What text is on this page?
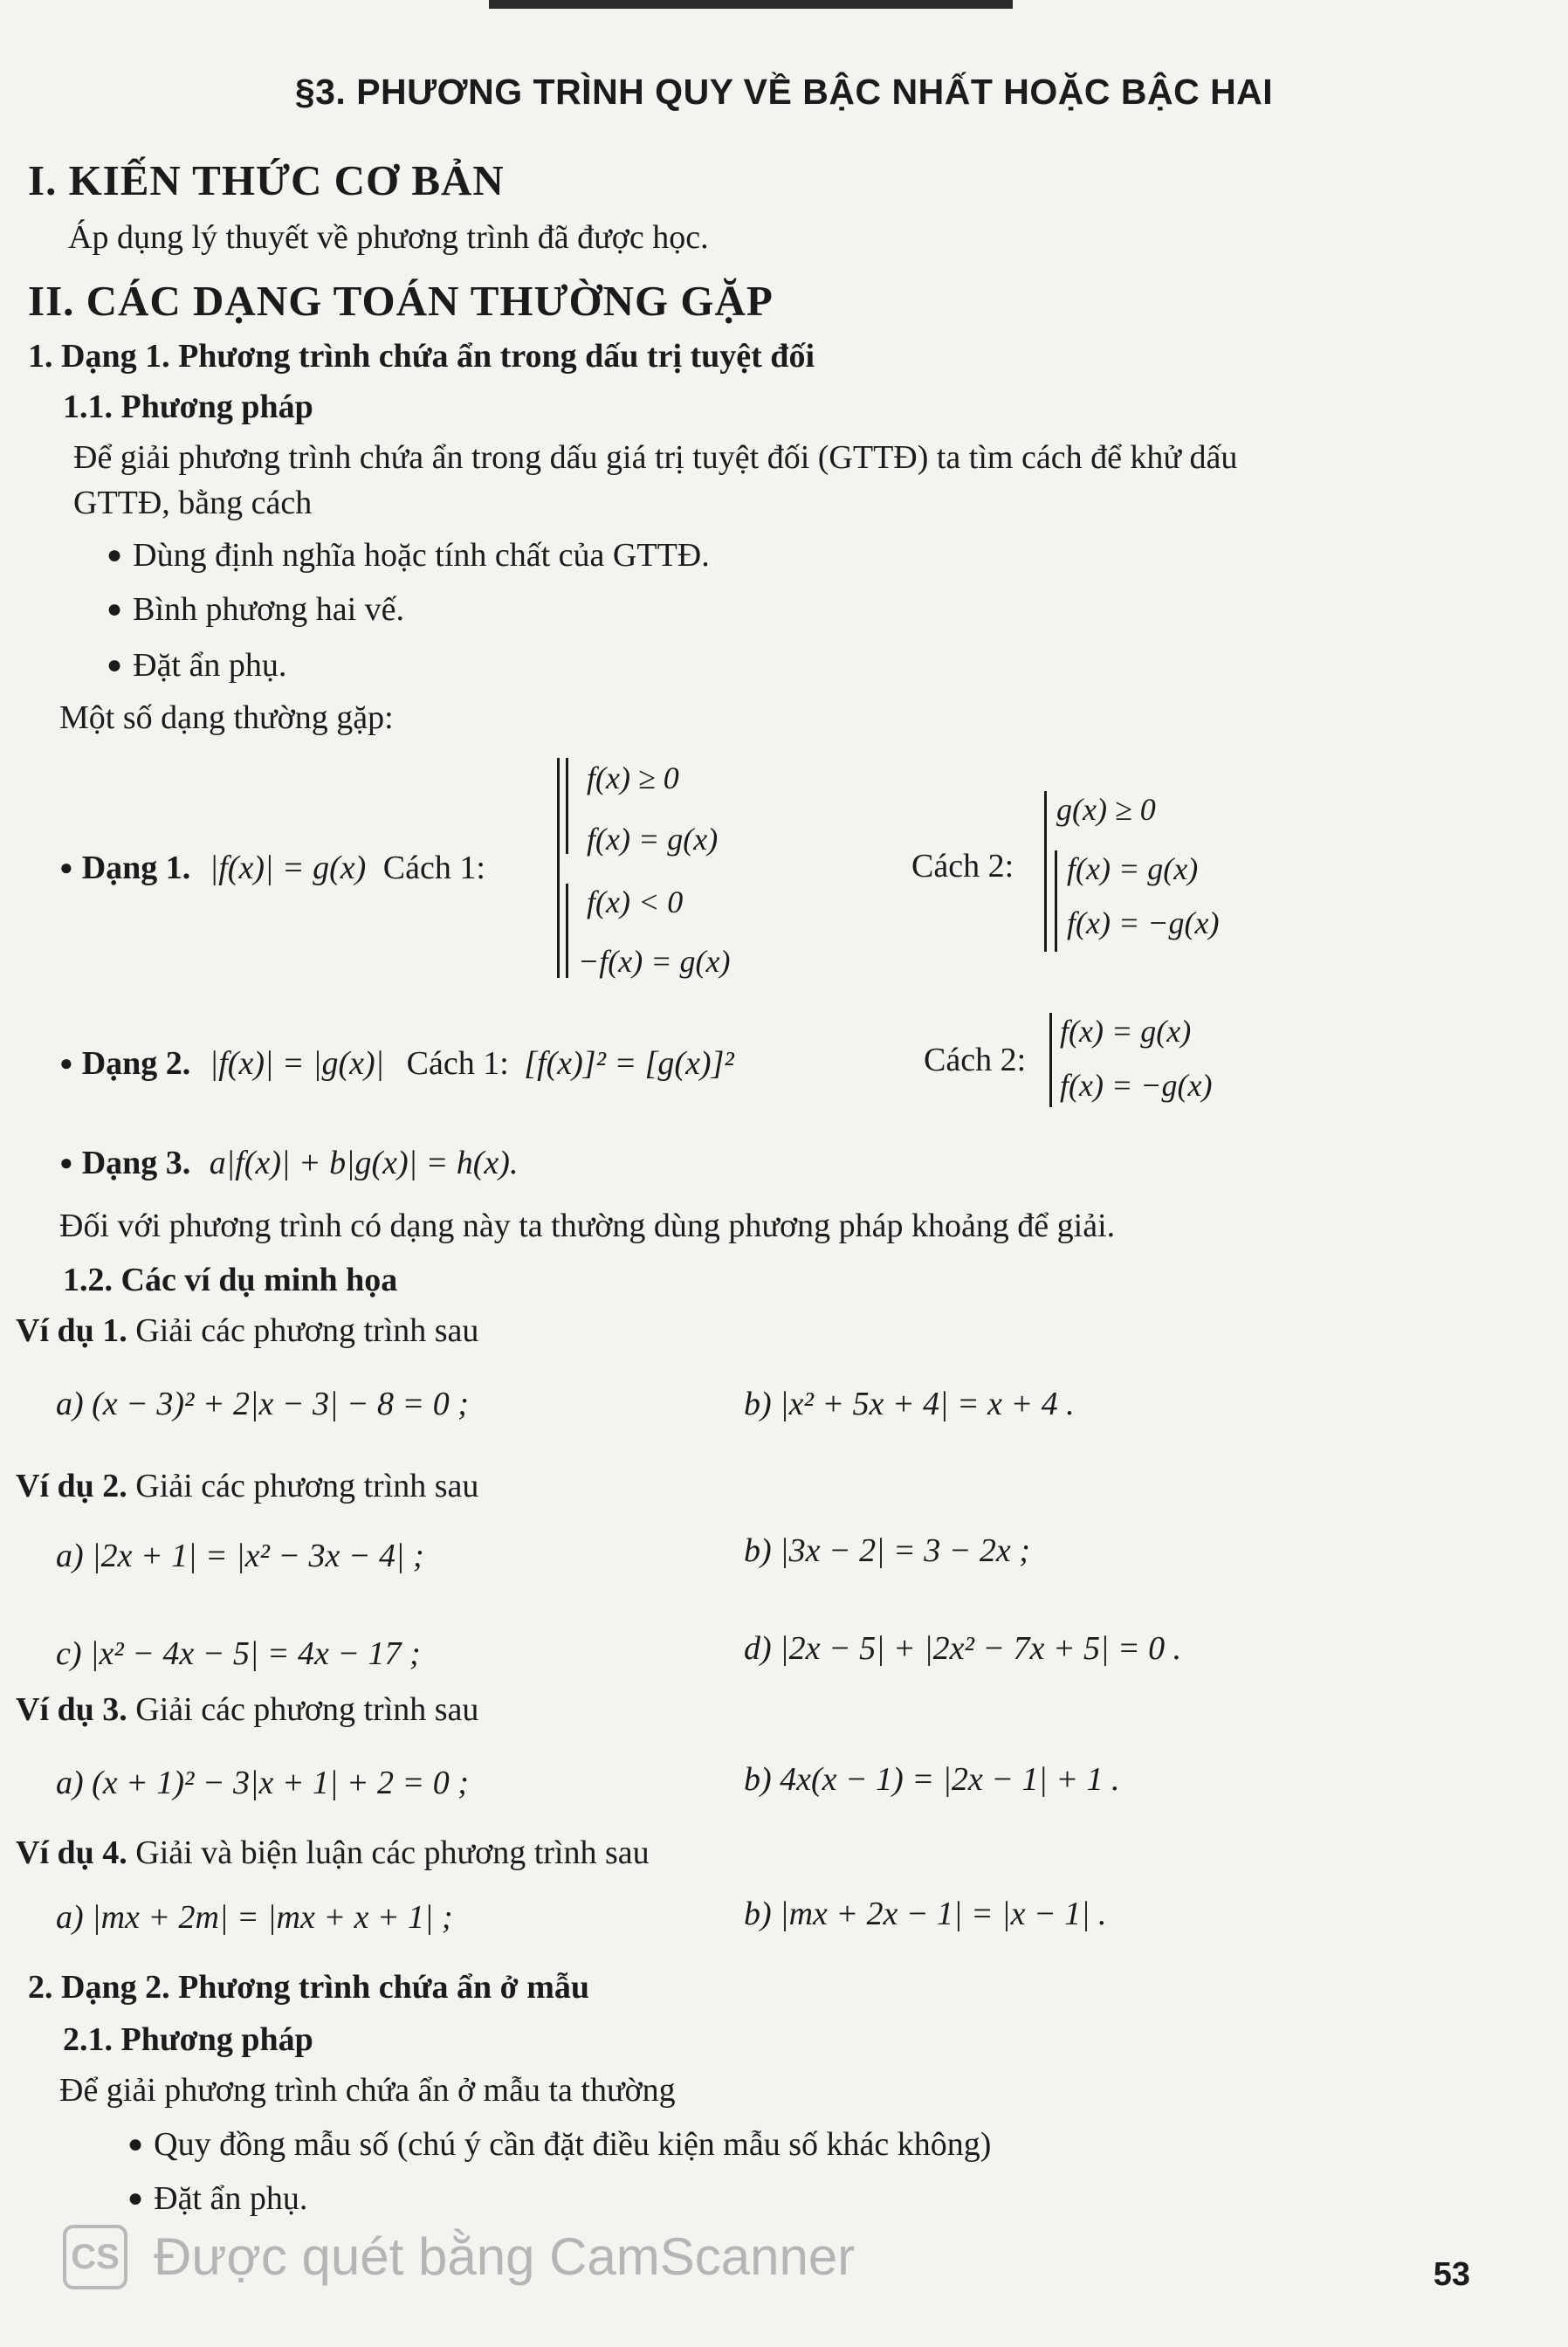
§3. PHƯƠNG TRÌNH QUY VỀ BẬC NHẤT HOẶC BẬC HAI
I. KIẾN THỨC CƠ BẢN
Áp dụng lý thuyết về phương trình đã được học.
II. CÁC DẠNG TOÁN THƯỜNG GẶP
1. Dạng 1. Phương trình chứa ẩn trong dấu trị tuyệt đối
1.1. Phương pháp
Để giải phương trình chứa ẩn trong dấu giá trị tuyệt đối (GTTĐ) ta tìm cách để khử dấu
GTTĐ, bằng cách
● Dùng định nghĩa hoặc tính chất của GTTĐ.
● Bình phương hai vế.
● Đặt ẩn phụ.
Một số dạng thường gặp:
● Dạng 1. |f(x)| = g(x) Cách 1:
f(x) ≥ 0
f(x) = g(x)
f(x) < 0
−f(x) = g(x)
Cách 2:
g(x) ≥ 0
f(x) = g(x)
f(x) = −g(x)
● Dạng 2. |f(x)| = |g(x)| Cách 1: [f(x)]² = [g(x)]²	Cách 2:
f(x) = g(x)
f(x) = −g(x)
● Dạng 3. a|f(x)| + b|g(x)| = h(x).
Đối với phương trình có dạng này ta thường dùng phương pháp khoảng để giải.
1.2. Các ví dụ minh họa
Ví dụ 1. Giải các phương trình sau
a) (x − 3)² + 2|x − 3| − 8 = 0 ;	b) |x² + 5x + 4| = x + 4 .
Ví dụ 2. Giải các phương trình sau
a) |2x + 1| = |x² − 3x − 4| ;	b) |3x − 2| = 3 − 2x ;
c) |x² − 4x − 5| = 4x − 17 ;	d) |2x − 5| + |2x² − 7x + 5| = 0 .
Ví dụ 3. Giải các phương trình sau
a) (x + 1)² − 3|x + 1| + 2 = 0 ;	b) 4x(x − 1) = |2x − 1| + 1 .
Ví dụ 4. Giải và biện luận các phương trình sau
a) |mx + 2m| = |mx + x + 1| ;	b) |mx + 2x − 1| = |x − 1| .
2. Dạng 2. Phương trình chứa ẩn ở mẫu
2.1. Phương pháp
Để giải phương trình chứa ẩn ở mẫu ta thường
● Quy đồng mẫu số (chú ý cần đặt điều kiện mẫu số khác không)
● Đặt ẩn phụ.
CS Được quét bằng CamScanner	53
